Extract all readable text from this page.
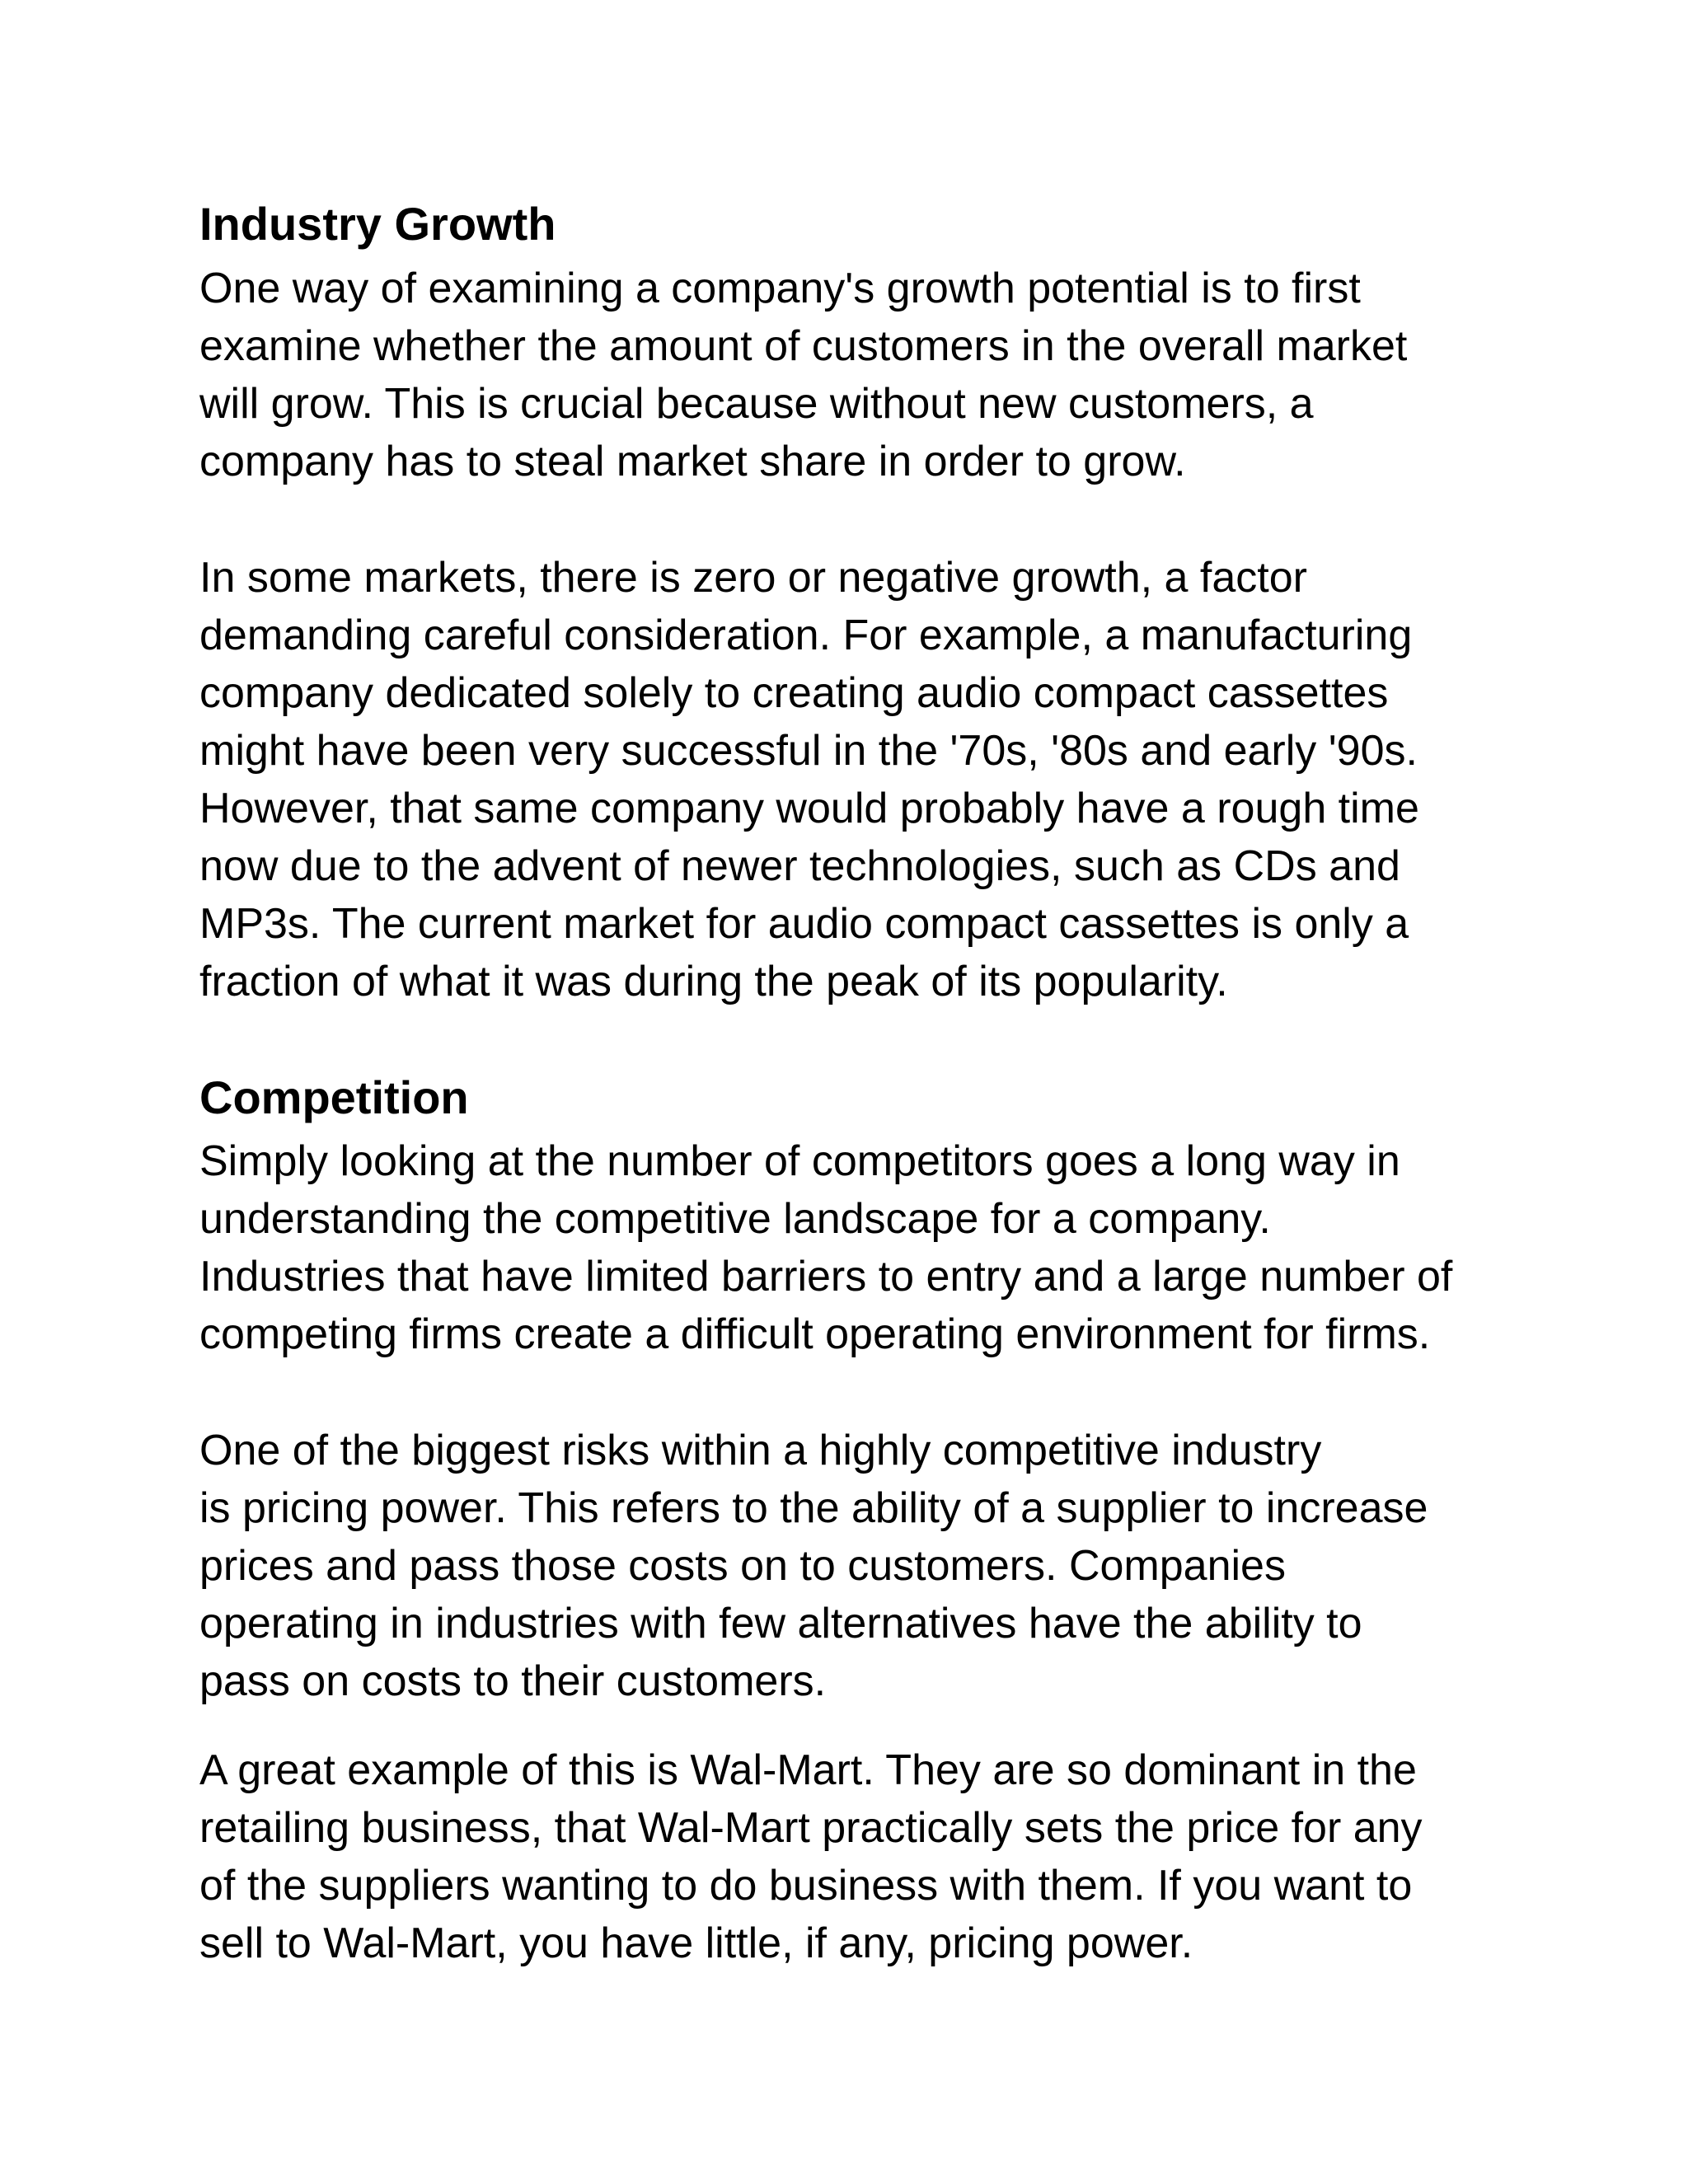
Industry Growth

One way of examining a company's growth potential is to first
examine whether the amount of customers in the overall market
will grow. This is crucial because without new customers, a
company has to steal market share in order to grow.

In some markets, there is zero or negative growth, a factor
demanding careful consideration. For example, a manufacturing
company dedicated solely to creating audio compact cassettes
might have been very successful in the '70s, '80s and early '90s.
However, that same company would probably have a rough time
now due to the advent of newer technologies, such as CDs and
MP3s. The current market for audio compact cassettes is only a
fraction of what it was during the peak of its popularity.

Competition

Simply looking at the number of competitors goes a long way in
understanding the competitive landscape for a company.
Industries that have limited barriers to entry and a large number of
competing firms create a difficult operating environment for firms.

One of the biggest risks within a highly competitive industry
is pricing power. This refers to the ability of a supplier to increase
prices and pass those costs on to customers. Companies
operating in industries with few alternatives have the ability to
pass on costs to their customers.

A great example of this is Wal-Mart. They are so dominant in the
retailing business, that Wal-Mart practically sets the price for any
of the suppliers wanting to do business with them. If you want to
sell to Wal-Mart, you have little, if any, pricing power.
